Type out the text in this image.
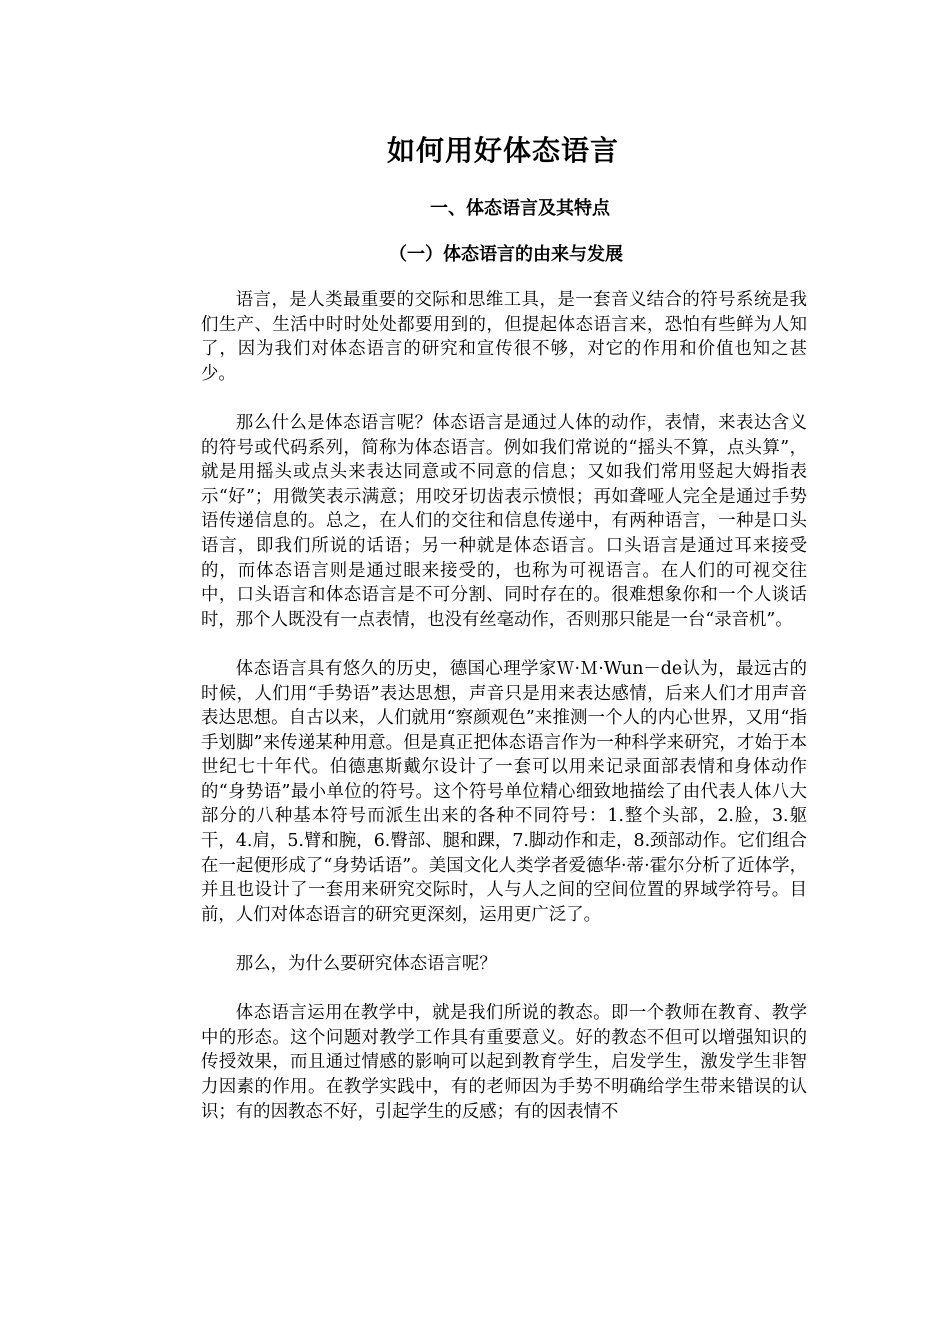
如何用好体态语言
一、体态语言及其特点
（一）体态语言的由来与发展

语言，是人类最重要的交际和思维工具，是一套音义结合的符号系统是我们生产、生活中时时处处都要用到的，但提起体态语言来，恐怕有些鲜为人知了，因为我们对体态语言的研究和宣传很不够，对它的作用和价值也知之甚少。

那么什么是体态语言呢？体态语言是通过人体的动作，表情，来表达含义的符号或代码系列，简称为体态语言。例如我们常说的“摇头不算，点头算”，就是用摇头或点头来表达同意或不同意的信息；又如我们常用竖起大姆指表示“好”；用微笑表示满意；用咬牙切齿表示愤恨；再如聋哑人完全是通过手势语传递信息的。总之，在人们的交往和信息传递中，有两种语言，一种是口头语言，即我们所说的话语；另一种就是体态语言。口头语言是通过耳来接受的，而体态语言则是通过眼来接受的，也称为可视语言。在人们的可视交往中，口头语言和体态语言是不可分割、同时存在的。很难想象你和一个人谈话时，那个人既没有一点表情，也没有丝毫动作，否则那只能是一台“录音机”。

体态语言具有悠久的历史，德国心理学家Ｗ·Ｍ·Wun－de认为，最远古的时候，人们用“手势语”表达思想，声音只是用来表达感情，后来人们才用声音表达思想。自古以来，人们就用“察颜观色”来推测一个人的内心世界，又用“指手划脚”来传递某种用意。但是真正把体态语言作为一种科学来研究，才始于本世纪七十年代。伯德惠斯戴尔设计了一套可以用来记录面部表情和身体动作的“身势语”最小单位的符号。这个符号单位精心细致地描绘了由代表人体八大部分的八种基本符号而派生出来的各种不同符号：1.整个头部，2.脸，3.躯干，4.肩，5.臂和腕，6.臀部、腿和踝，7.脚动作和走，8.颈部动作。它们组合在一起便形成了“身势话语”。美国文化人类学者爱德华·蒂·霍尔分析了近体学，并且也设计了一套用来研究交际时，人与人之间的空间位置的界域学符号。目前，人们对体态语言的研究更深刻，运用更广泛了。

那么，为什么要研究体态语言呢？

体态语言运用在教学中，就是我们所说的教态。即一个教师在教育、教学中的形态。这个问题对教学工作具有重要意义。好的教态不但可以增强知识的传授效果，而且通过情感的影响可以起到教育学生，启发学生，激发学生非智力因素的作用。在教学实践中，有的老师因为手势不明确给学生带来错误的认识；有的因教态不好，引起学生的反感；有的因表情不
